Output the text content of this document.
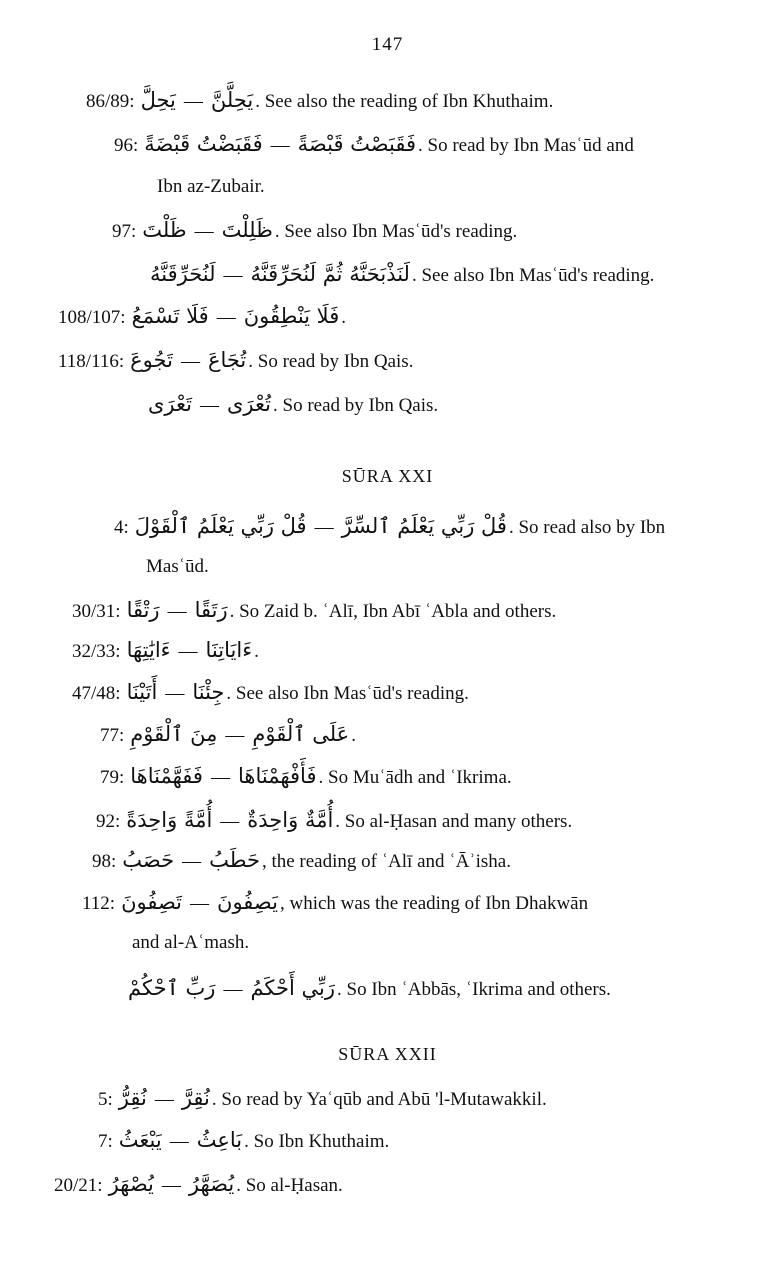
147
86/89: يَحِلَّ — يَحِلَّنَّ . See also the reading of Ibn Khuthaim.
96: فَقَبَضْتُ قَبْضَةً — فَقَبَصْتُ قَبْصَةً . So read by Ibn Masʿūd and
Ibn az-Zubair.
97: ظَلْتَ — ظَلِلْتَ . See also Ibn Masʿūd's reading.
لَنُحَرِّقَنَّهُ — لَنَذْبَحَنَّهُ ثُمَّ لَنُحَرِّقَنَّهُ . See also Ibn Masʿūd's reading.
108/107: فَلَا تَسْمَعُ — فَلَا يَنْطِقُونَ .
118/116: تَجُوعَ — تُجَاعَ . So read by Ibn Qais.
تَعْرَى — تُعْرَى . So read by Ibn Qais.
SŪRA XXI
4: قُلْ رَبِّي يَعْلَمُ ٱلْقَوْلَ — قُلْ رَبِّي يَعْلَمُ ٱلسِّرَّ . So read also by Ibn
Masʿūd.
30/31: رَتْقًا — رَتَقًا . So Zaid b. ʿAlī, Ibn Abī ʿAbla and others.
32/33: ءَايَٰتِهَا — ءَايَاتِنَا .
47/48: أَتَيْنَا — جِئْنَا . See also Ibn Masʿūd's reading.
77: مِنَ ٱلْقَوْمِ — عَلَى ٱلْقَوْمِ .
79: فَفَهَّمْنَاهَا — فَأَفْهَمْنَاهَا . So Muʿādh and ʿIkrima.
92: أُمَّةً وَاحِدَةً — أُمَّةٌ وَاحِدَةٌ . So al-Ḥasan and many others.
98: حَصَبُ — حَطَبُ , the reading of ʿAlī and ʿĀʾisha.
112: تَصِفُونَ — يَصِفُونَ , which was the reading of Ibn Dhakwān
and al-Aʿmash.
رَبِّ ٱحْكُمْ — رَبِّي أَحْكَمُ . So Ibn ʿAbbās, ʿIkrima and others.
SŪRA XXII
5: نُقِرُّ — نُقِرَّ . So read by Yaʿqūb and Abū 'l-Mutawakkil.
7: يَبْعَثُ — بَاعِثُ . So Ibn Khuthaim.
20/21: يُصْهَرُ — يُصَهَّرُ . So al-Ḥasan.
